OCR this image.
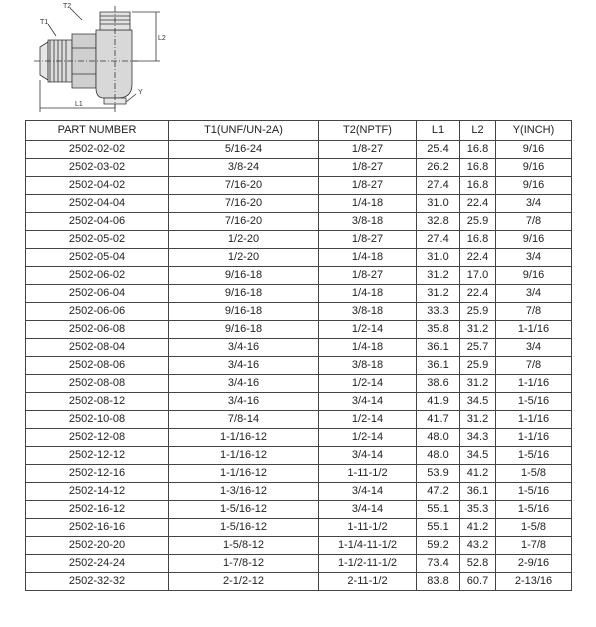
T2
T1
L2
L1
Y
PART NUMBER	T1(UNF/UN-2A)	T2(NPTF)	L1	L2	Y(INCH)
2502-02-02	5/16-24	1/8-27	25.4	16.8	9/16
2502-03-02	3/8-24	1/8-27	26.2	16.8	9/16
2502-04-02	7/16-20	1/8-27	27.4	16.8	9/16
2502-04-04	7/16-20	1/4-18	31.0	22.4	3/4
2502-04-06	7/16-20	3/8-18	32.8	25.9	7/8
2502-05-02	1/2-20	1/8-27	27.4	16.8	9/16
2502-05-04	1/2-20	1/4-18	31.0	22.4	3/4
2502-06-02	9/16-18	1/8-27	31.2	17.0	9/16
2502-06-04	9/16-18	1/4-18	31.2	22.4	3/4
2502-06-06	9/16-18	3/8-18	33.3	25.9	7/8
2502-06-08	9/16-18	1/2-14	35.8	31.2	1-1/16
2502-08-04	3/4-16	1/4-18	36.1	25.7	3/4
2502-08-06	3/4-16	3/8-18	36.1	25.9	7/8
2502-08-08	3/4-16	1/2-14	38.6	31.2	1-1/16
2502-08-12	3/4-16	3/4-14	41.9	34.5	1-5/16
2502-10-08	7/8-14	1/2-14	41.7	31.2	1-1/16
2502-12-08	1-1/16-12	1/2-14	48.0	34.3	1-1/16
2502-12-12	1-1/16-12	3/4-14	48.0	34.5	1-5/16
2502-12-16	1-1/16-12	1-11-1/2	53.9	41.2	1-5/8
2502-14-12	1-3/16-12	3/4-14	47.2	36.1	1-5/16
2502-16-12	1-5/16-12	3/4-14	55.1	35.3	1-5/16
2502-16-16	1-5/16-12	1-11-1/2	55.1	41.2	1-5/8
2502-20-20	1-5/8-12	1-1/4-11-1/2	59.2	43.2	1-7/8
2502-24-24	1-7/8-12	1-1/2-11-1/2	73.4	52.8	2-9/16
2502-32-32	2-1/2-12	2-11-1/2	83.8	60.7	2-13/16
